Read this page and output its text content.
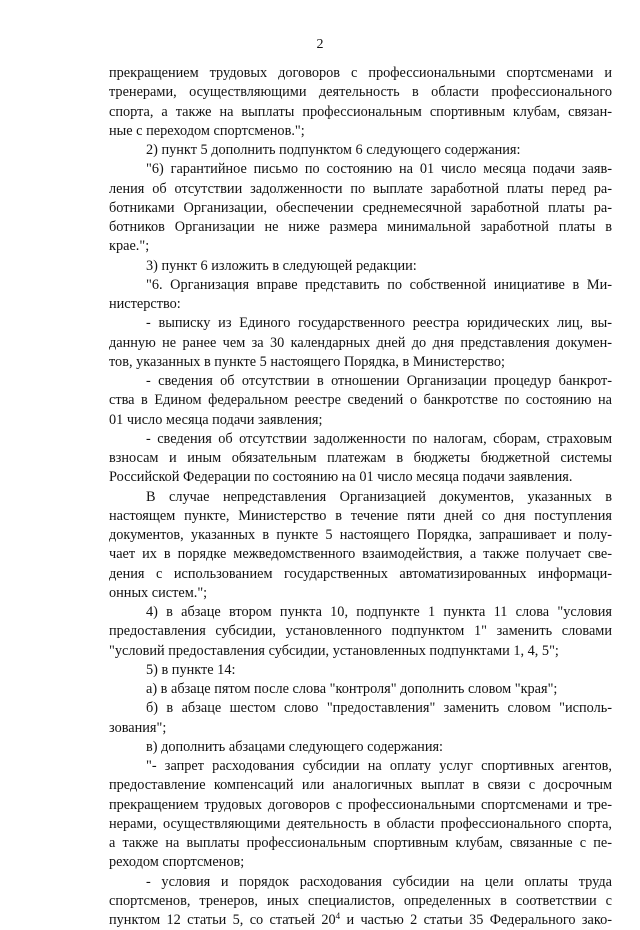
2
прекращением трудовых договоров с профессиональными спортсменами и
тренерами, осуществляющими деятельность в области профессионального
спорта, а также на выплаты профессиональным спортивным клубам, связан-
ные с переходом спортсменов.";
2) пункт 5 дополнить подпунктом 6 следующего содержания:
"6) гарантийное письмо по состоянию на 01 число месяца подачи заяв-
ления об отсутствии задолженности по выплате заработной платы перед ра-
ботниками Организации, обеспечении среднемесячной заработной платы ра-
ботников Организации не ниже размера минимальной заработной платы в
крае.";
3) пункт 6 изложить в следующей редакции:
"6. Организация вправе представить по собственной инициативе в Ми-
нистерство:
- выписку из Единого государственного реестра юридических лиц, вы-
данную не ранее чем за 30 календарных дней до дня представления докумен-
тов, указанных в пункте 5 настоящего Порядка, в Министерство;
- сведения об отсутствии в отношении Организации процедур банкрот-
ства в Едином федеральном реестре сведений о банкротстве по состоянию на
01 число месяца подачи заявления;
- сведения об отсутствии задолженности по налогам, сборам, страховым
взносам и иным обязательным платежам в бюджеты бюджетной системы
Российской Федерации по состоянию на 01 число месяца подачи заявления.
В случае непредставления Организацией документов, указанных в
настоящем пункте, Министерство в течение пяти дней со дня поступления
документов, указанных в пункте 5 настоящего Порядка, запрашивает и полу-
чает их в порядке межведомственного взаимодействия, а также получает све-
дения с использованием государственных автоматизированных информаци-
онных систем.";
4) в абзаце втором пункта 10, подпункте 1 пункта 11 слова "условия
предоставления субсидии, установленного подпунктом 1" заменить словами
"условий предоставления субсидии, установленных подпунктами 1, 4, 5";
5) в пункте 14:
а) в абзаце пятом после слова "контроля" дополнить словом "края";
б) в абзаце шестом слово "предоставления" заменить словом "исполь-
зования";
в) дополнить абзацами следующего содержания:
"- запрет расходования субсидии на оплату услуг спортивных агентов,
предоставление компенсаций или аналогичных выплат в связи с досрочным
прекращением трудовых договоров с профессиональными спортсменами и тре-
нерами, осуществляющими деятельность в области профессионального спорта,
а также на выплаты профессиональным спортивным клубам, связанные с пе-
реходом спортсменов;
- условия и порядок расходования субсидии на цели оплаты труда
спортсменов, тренеров, иных специалистов, определенных в соответствии с
пунктом 12 статьи 5, со статьей $20^4$ и частью 2 статьи 35 Федерального зако-
